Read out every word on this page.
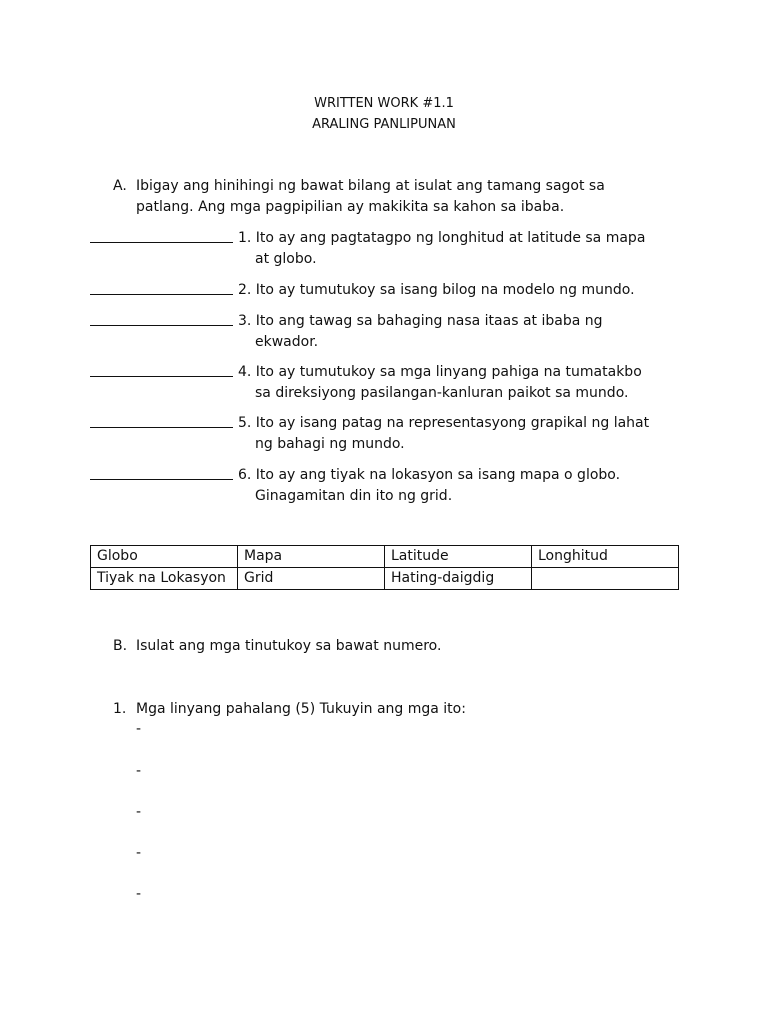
WRITTEN WORK #1.1
ARALING PANLIPUNAN
A. Ibigay ang hinihingi ng bawat bilang at isulat ang tamang sagot sa
patlang. Ang mga pagpipilian ay makikita sa kahon sa ibaba.
1. Ito ay ang pagtatagpo ng longhitud at latitude sa mapa
at globo.
2. Ito ay tumutukoy sa isang bilog na modelo ng mundo.
3. Ito ang tawag sa bahaging nasa itaas at ibaba ng
ekwador.
4. Ito ay tumutukoy sa mga linyang pahiga na tumatakbo
sa direksiyong pasilangan-kanluran paikot sa mundo.
5. Ito ay isang patag na representasyong grapikal ng lahat
ng bahagi ng mundo.
6. Ito ay ang tiyak na lokasyon sa isang mapa o globo.
Ginagamitan din ito ng grid.
Globo	Mapa	Latitude	Longhitud
Tiyak na Lokasyon	Grid	Hating-daigdig	
B. Isulat ang mga tinutukoy sa bawat numero.
1. Mga linyang pahalang (5) Tukuyin ang mga ito:
-
-
-
-
-
